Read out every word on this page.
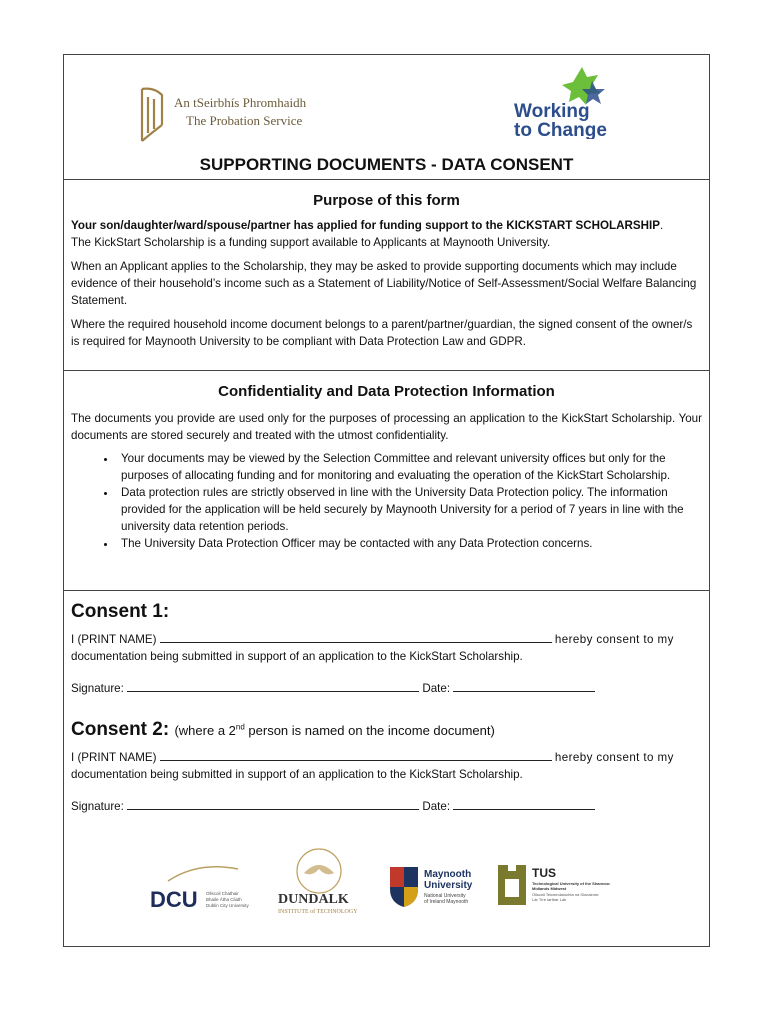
An tSeirbhís Phromhaidh
The Probation Service	Working
to Change
SUPPORTING DOCUMENTS - DATA CONSENT
Purpose of this form

Your son/daughter/ward/spouse/partner has applied for funding support to the KICKSTART SCHOLARSHIP.
The KickStart Scholarship is a funding support available to Applicants at Maynooth University.

When an Applicant applies to the Scholarship, they may be asked to provide supporting documents which may include evidence of their household’s income such as a Statement of Liability/Notice of Self-Assessment/Social Welfare Balancing Statement.

Where the required household income document belongs to a parent/partner/guardian, the signed consent of the owner/s is required for Maynooth University to be compliant with Data Protection Law and GDPR.

Confidentiality and Data Protection Information

The documents you provide are used only for the purposes of processing an application to the KickStart Scholarship. Your documents are stored securely and treated with the utmost confidentiality.

• Your documents may be viewed by the Selection Committee and relevant university offices but only for the purposes of allocating funding and for monitoring and evaluating the operation of the KickStart Scholarship.
• Data protection rules are strictly observed in line with the University Data Protection policy. The information provided for the application will be held securely by Maynooth University for a period of 7 years in line with the university data retention periods.
• The University Data Protection Officer may be contacted with any Data Protection concerns.
Consent 1:

I (PRINT NAME)	hereby consent to my

documentation being submitted in support of an application to the KickStart Scholarship.

Signature:	Date:

Consent 2: (where a 2nd person is named on the income document)

I (PRINT NAME)	hereby consent to my

documentation being submitted in support of an application to the KickStart Scholarship.

Signature:	Date:

DCU Ollscoil Chathair
Bhaile Átha Cliath
Dublin City University DUNDALK
INSTITUTE of TECHNOLOGY
Maynooth
University
National University
of Ireland Maynooth
TUS
Technological University of the Shannon:
Midlands Midwest
Ollscoil Teicneolaíochta na Sionainne:
Lár Tíre Iarthar Láir
